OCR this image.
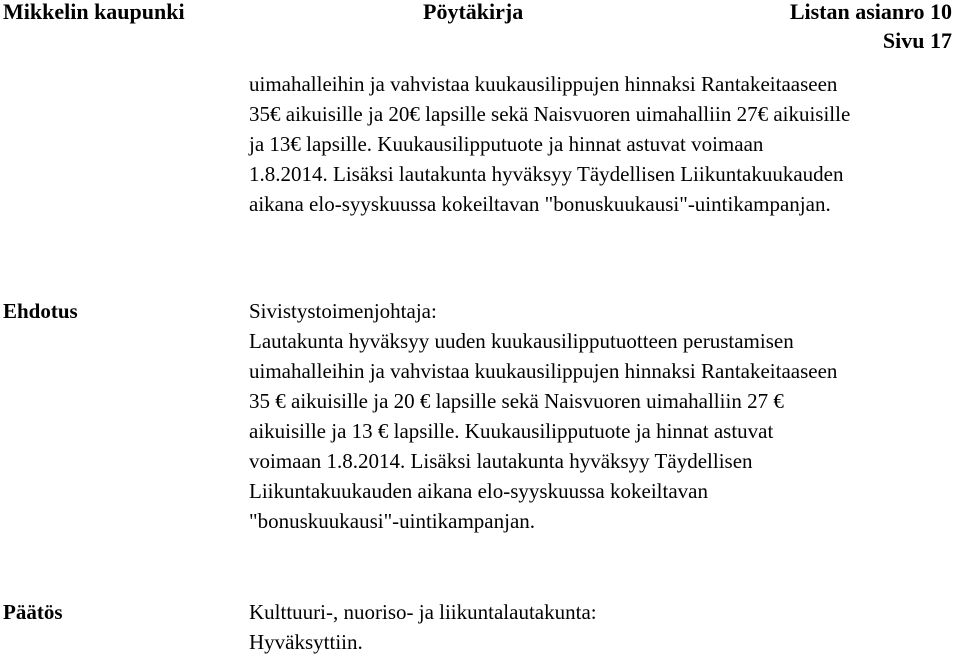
Mikkelin kaupunki	Pöytäkirja	Listan asianro 10
Sivu 17
uimahalleihin ja vahvistaa kuukausilippujen hinnaksi Rantakeitaaseen
35€ aikuisille ja 20€ lapsille sekä Naisvuoren uimahalliin 27€ aikuisille
ja 13€ lapsille. Kuukausilipputuote ja hinnat astuvat voimaan
1.8.2014. Lisäksi lautakunta hyväksyy Täydellisen Liikuntakuukauden
aikana elo-syyskuussa kokeiltavan "bonuskuukausi"-uintikampanjan.
Ehdotus	Sivistystoimenjohtaja:
Lautakunta hyväksyy uuden kuukausilipputuotteen perustamisen
uimahalleihin ja vahvistaa kuukausilippujen hinnaksi Rantakeitaaseen
35 € aikuisille ja 20 € lapsille sekä Naisvuoren uimahalliin 27 €
aikuisille ja 13 € lapsille. Kuukausilipputuote ja hinnat astuvat
voimaan 1.8.2014. Lisäksi lautakunta hyväksyy Täydellisen
Liikuntakuukauden aikana elo-syyskuussa kokeiltavan
"bonuskuukausi"-uintikampanjan.
Päätös	Kulttuuri-, nuoriso- ja liikuntalautakunta:
Hyväksyttiin.
